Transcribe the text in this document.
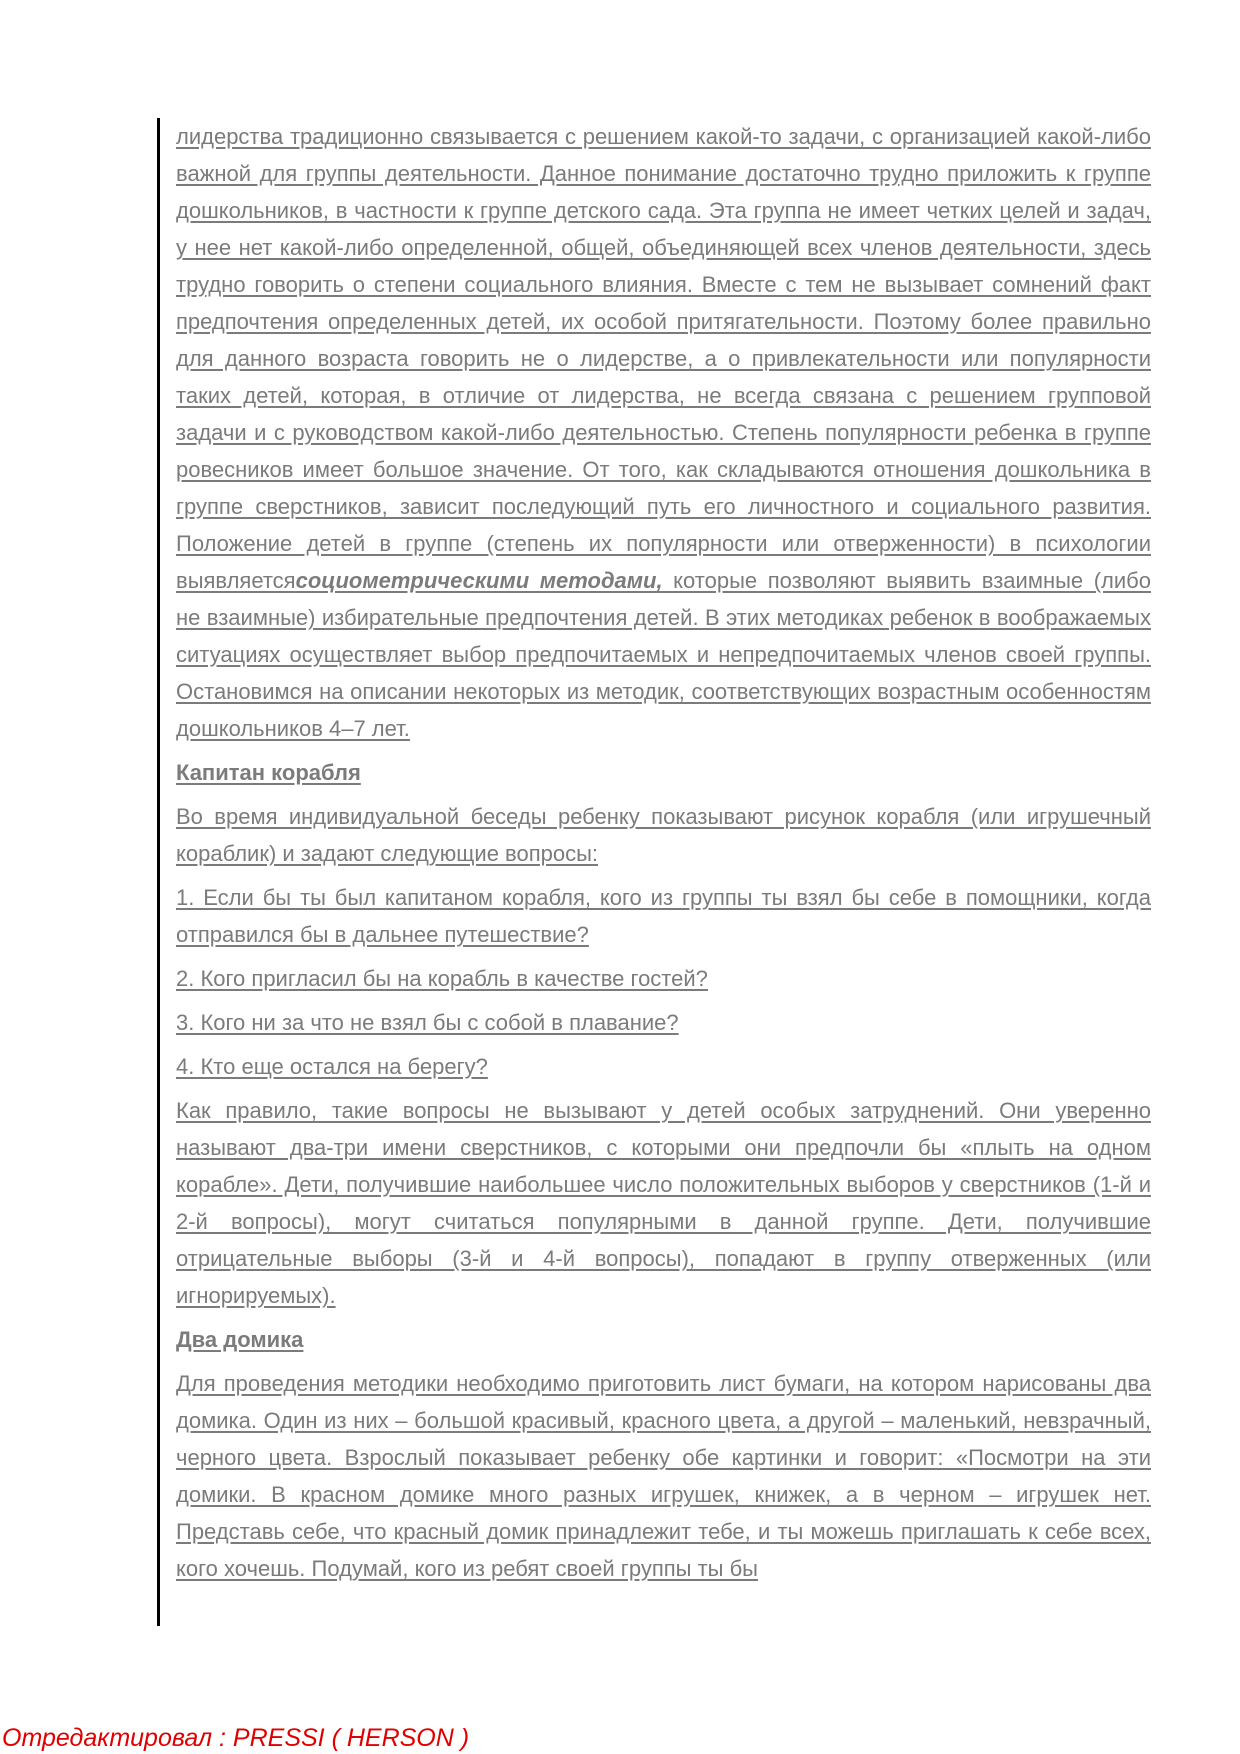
лидерства традиционно связывается с решением какой-то задачи, с организацией какой-либо важной для группы деятельности. Данное понимание достаточно трудно приложить к группе дошкольников, в частности к группе детского сада. Эта группа не имеет четких целей и задач, у нее нет какой-либо определенной, общей, объединяющей всех членов деятельности, здесь трудно говорить о степени социального влияния. Вместе с тем не вызывает сомнений факт предпочтения определенных детей, их особой притягательности. Поэтому более правильно для данного возраста говорить не о лидерстве, а о привлекательности или популярности таких детей, которая, в отличие от лидерства, не всегда связана с решением групповой задачи и с руководством какой-либо деятельностью. Степень популярности ребенка в группе ровесников имеет большое значение. От того, как складываются отношения дошкольника в группе сверстников, зависит последующий путь его личностного и социального развития. Положение детей в группе (степень их популярности или отверженности) в психологии выявляетсясоциометрическими методами, которые позволяют выявить взаимные (либо не взаимные) избирательные предпочтения детей. В этих методиках ребенок в воображаемых ситуациях осуществляет выбор предпочитаемых и непредпочитаемых членов своей группы. Остановимся на описании некоторых из методик, соответствующих возрастным особенностям дошкольников 4–7 лет.

Капитан корабля

Во время индивидуальной беседы ребенку показывают рисунок корабля (или игрушечный кораблик) и задают следующие вопросы:

1. Если бы ты был капитаном корабля, кого из группы ты взял бы себе в помощники, когда отправился бы в дальнее путешествие?

2. Кого пригласил бы на корабль в качестве гостей?

3. Кого ни за что не взял бы с собой в плавание?

4. Кто еще остался на берегу?

Как правило, такие вопросы не вызывают у детей особых затруднений. Они уверенно называют два-три имени сверстников, с которыми они предпочли бы «плыть на одном корабле». Дети, получившие наибольшее число положительных выборов у сверстников (1-й и 2-й вопросы), могут считаться популярными в данной группе. Дети, получившие отрицательные выборы (3-й и 4-й вопросы), попадают в группу отверженных (или игнорируемых).

Два домика

Для проведения методики необходимо приготовить лист бумаги, на котором нарисованы два домика. Один из них – большой красивый, красного цвета, а другой – маленький, невзрачный, черного цвета. Взрослый показывает ребенку обе картинки и говорит: «Посмотри на эти домики. В красном домике много разных игрушек, книжек, а в черном – игрушек нет. Представь себе, что красный домик принадлежит тебе, и ты можешь приглашать к себе всех, кого хочешь. Подумай, кого из ребят своей группы ты бы

Отредактировал : PRESSI ( HERSON )
